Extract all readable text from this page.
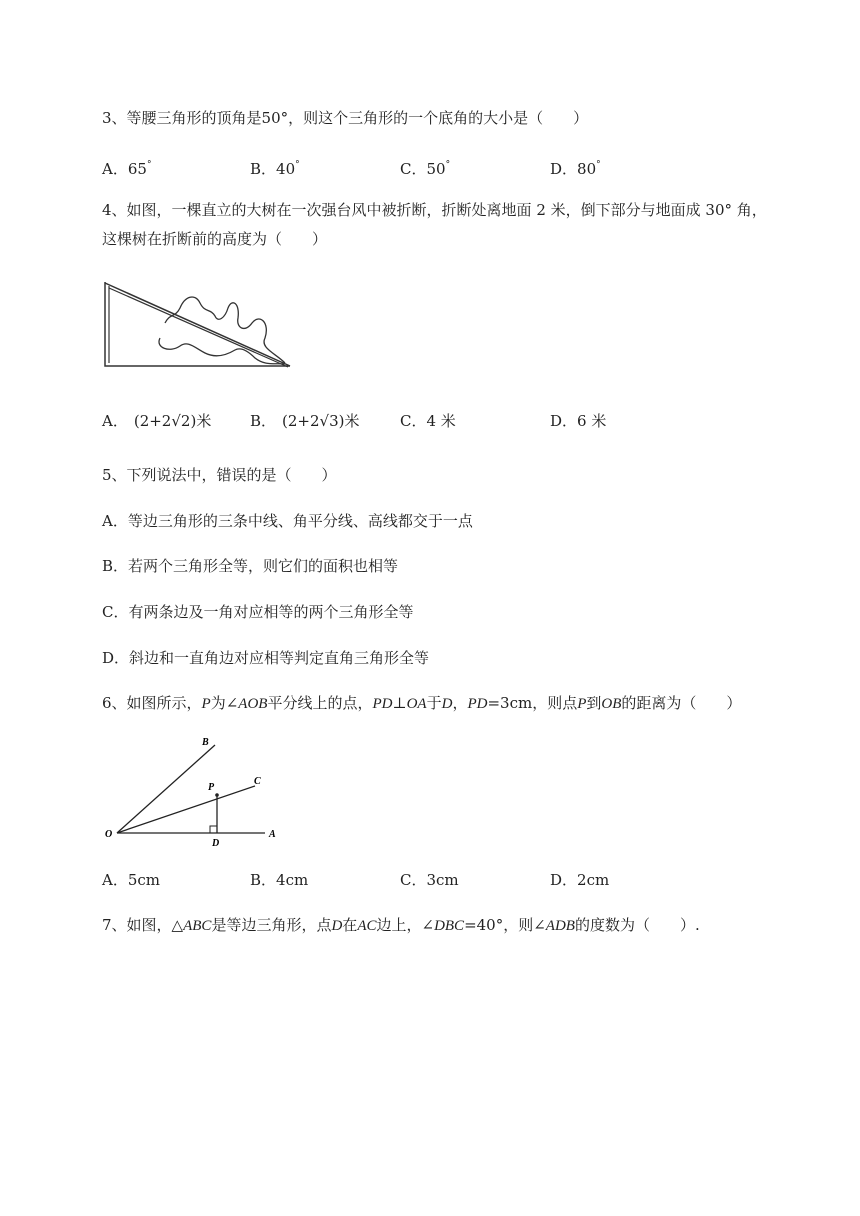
3、等腰三角形的顶角是50°，则这个三角形的一个底角的大小是（　　）
A．65°	B．40°	C．50°	D．80°
4、如图，一棵直立的大树在一次强台风中被折断，折断处离地面 2 米，倒下部分与地面成 30° 角，
这棵树在折断前的高度为（　　）
A． (2+2√2)米	B． (2+2√3)米	C．4 米	D．6 米
5、下列说法中，错误的是（　　）
A．等边三角形的三条中线、角平分线、高线都交于一点
B．若两个三角形全等，则它们的面积也相等
C．有两条边及一角对应相等的两个三角形全等
D．斜边和一直角边对应相等判定直角三角形全等
6、如图所示，P为∠AOB平分线上的点，PD⊥OA于D，PD=3cm，则点P到OB的距离为（　　）
B
C
P
O
D
A
A．5cm	B．4cm	C．3cm	D．2cm
7、如图，△ABC是等边三角形，点D在AC边上，∠DBC=40°，则∠ADB的度数为（　　）.
